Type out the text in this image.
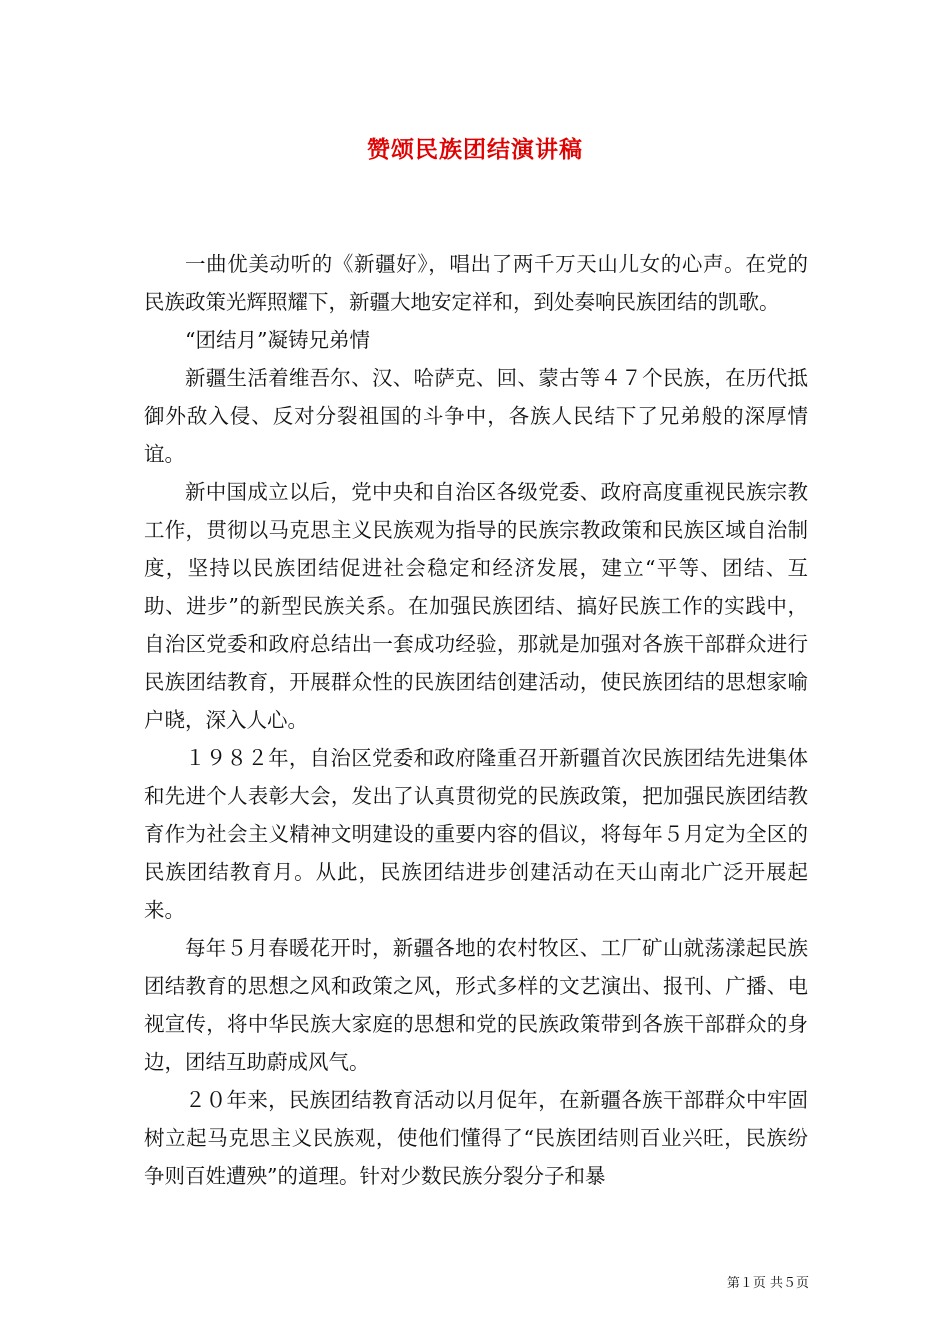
赞颂民族团结演讲稿

一曲优美动听的《新疆好》，唱出了两千万天山儿女的心声。在党的民族政策光辉照耀下，新疆大地安定祥和，到处奏响民族团结的凯歌。

“团结月”凝铸兄弟情

新疆生活着维吾尔、汉、哈萨克、回、蒙古等４７个民族，在历代抵御外敌入侵、反对分裂祖国的斗争中，各族人民结下了兄弟般的深厚情谊。

新中国成立以后，党中央和自治区各级党委、政府高度重视民族宗教工作，贯彻以马克思主义民族观为指导的民族宗教政策和民族区域自治制度，坚持以民族团结促进社会稳定和经济发展，建立“平等、团结、互助、进步”的新型民族关系。在加强民族团结、搞好民族工作的实践中，自治区党委和政府总结出一套成功经验，那就是加强对各族干部群众进行民族团结教育，开展群众性的民族团结创建活动，使民族团结的思想家喻户晓，深入人心。

１９８２年，自治区党委和政府隆重召开新疆首次民族团结先进集体和先进个人表彰大会，发出了认真贯彻党的民族政策，把加强民族团结教育作为社会主义精神文明建设的重要内容的倡议，将每年５月定为全区的民族团结教育月。从此，民族团结进步创建活动在天山南北广泛开展起来。

每年５月春暖花开时，新疆各地的农村牧区、工厂矿山就荡漾起民族团结教育的思想之风和政策之风，形式多样的文艺演出、报刊、广播、电视宣传，将中华民族大家庭的思想和党的民族政策带到各族干部群众的身边，团结互助蔚成风气。

２０年来，民族团结教育活动以月促年，在新疆各族干部群众中牢固树立起马克思主义民族观，使他们懂得了“民族团结则百业兴旺，民族纷争则百姓遭殃”的道理。针对少数民族分裂分子和暴

第１页 共５页
